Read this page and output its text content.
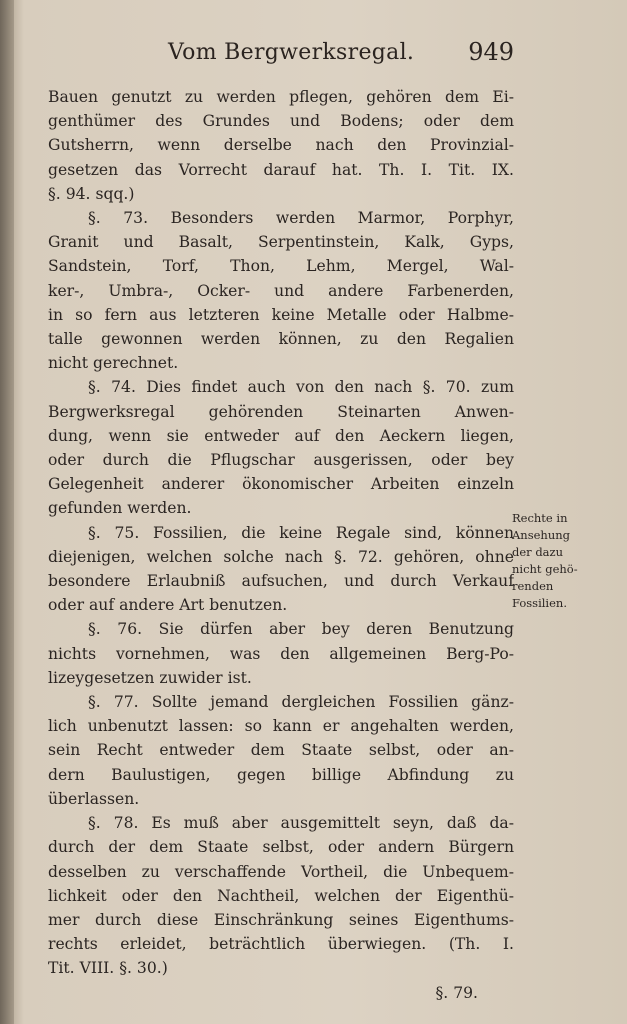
Vom Bergwerksregal. 949
Bauen genutzt zu werden pflegen, gehören dem Ei-
genthümer des Grundes und Bodens; oder dem
Gutsherrn, wenn derselbe nach den Provinzial-
gesetzen das Vorrecht darauf hat. Th. I. Tit. IX.
§. 94. sqq.)
§. 73. Besonders werden Marmor, Porphyr,
Granit und Basalt, Serpentinstein, Kalk, Gyps,
Sandstein, Torf, Thon, Lehm, Mergel, Wal-
ker-, Umbra-, Ocker- und andere Farbenerden,
in so fern aus letzteren keine Metalle oder Halbme-
talle gewonnen werden können, zu den Regalien
nicht gerechnet.
§. 74. Dies findet auch von den nach §. 70. zum
Bergwerksregal gehörenden Steinarten Anwen-
dung, wenn sie entweder auf den Aeckern liegen,
oder durch die Pflugschar ausgerissen, oder bey
Gelegenheit anderer ökonomischer Arbeiten einzeln
gefunden werden.
§. 75. Fossilien, die keine Regale sind, können
diejenigen, welchen solche nach §. 72. gehören, ohne
besondere Erlaubniß aufsuchen, und durch Verkauf
oder auf andere Art benutzen.
§. 76. Sie dürfen aber bey deren Benutzung
nichts vornehmen, was den allgemeinen Berg-Po-
lizeygesetzen zuwider ist.
§. 77. Sollte jemand dergleichen Fossilien gänz-
lich unbenutzt lassen: so kann er angehalten werden,
sein Recht entweder dem Staate selbst, oder an-
dern Baulustigen, gegen billige Abfindung zu
überlassen.
§. 78. Es muß aber ausgemittelt seyn, daß da-
durch der dem Staate selbst, oder andern Bürgern
desselben zu verschaffende Vortheil, die Unbequem-
lichkeit oder den Nachtheil, welchen der Eigenthü-
mer durch diese Einschränkung seines Eigenthums-
rechts erleidet, beträchtlich überwiegen. (Th. I.
Tit. VIII. §. 30.)
§. 79.
Rechte in
Ansehung
der dazu
nicht gehö-
renden
Fossilien.
